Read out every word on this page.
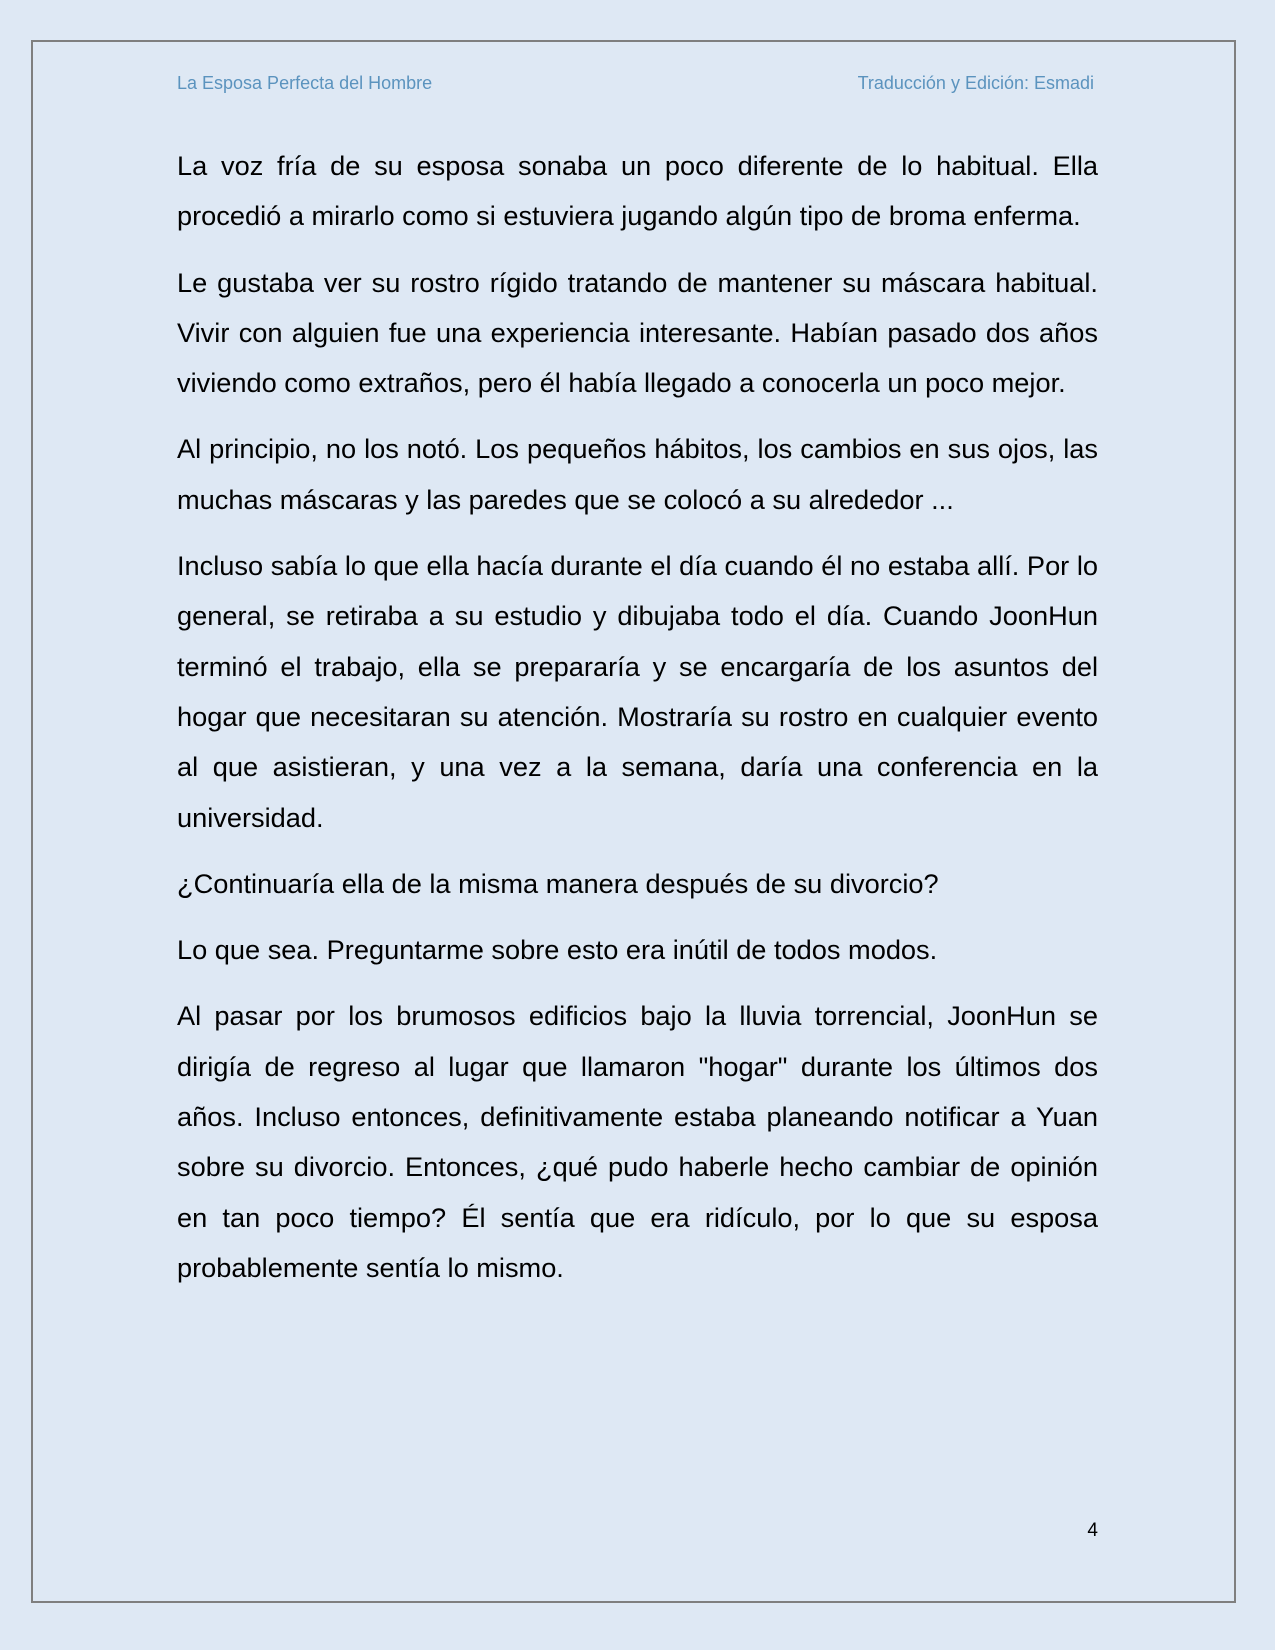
La Esposa Perfecta del Hombre	Traducción y Edición: Esmadi

La voz fría de su esposa sonaba un poco diferente de lo habitual. Ella procedió a mirarlo como si estuviera jugando algún tipo de broma enferma.

Le gustaba ver su rostro rígido tratando de mantener su máscara habitual. Vivir con alguien fue una experiencia interesante. Habían pasado dos años viviendo como extraños, pero él había llegado a conocerla un poco mejor.

Al principio, no los notó. Los pequeños hábitos, los cambios en sus ojos, las muchas máscaras y las paredes que se colocó a su alrededor ...

Incluso sabía lo que ella hacía durante el día cuando él no estaba allí. Por lo general, se retiraba a su estudio y dibujaba todo el día. Cuando JoonHun terminó el trabajo, ella se prepararía y se encargaría de los asuntos del hogar que necesitaran su atención. Mostraría su rostro en cualquier evento al que asistieran, y una vez a la semana, daría una conferencia en la universidad.

¿Continuaría ella de la misma manera después de su divorcio?

Lo que sea. Preguntarme sobre esto era inútil de todos modos.

Al pasar por los brumosos edificios bajo la lluvia torrencial, JoonHun se dirigía de regreso al lugar que llamaron "hogar" durante los últimos dos años. Incluso entonces, definitivamente estaba planeando notificar a Yuan sobre su divorcio. Entonces, ¿qué pudo haberle hecho cambiar de opinión en tan poco tiempo? Él sentía que era ridículo, por lo que su esposa probablemente sentía lo mismo.

4
